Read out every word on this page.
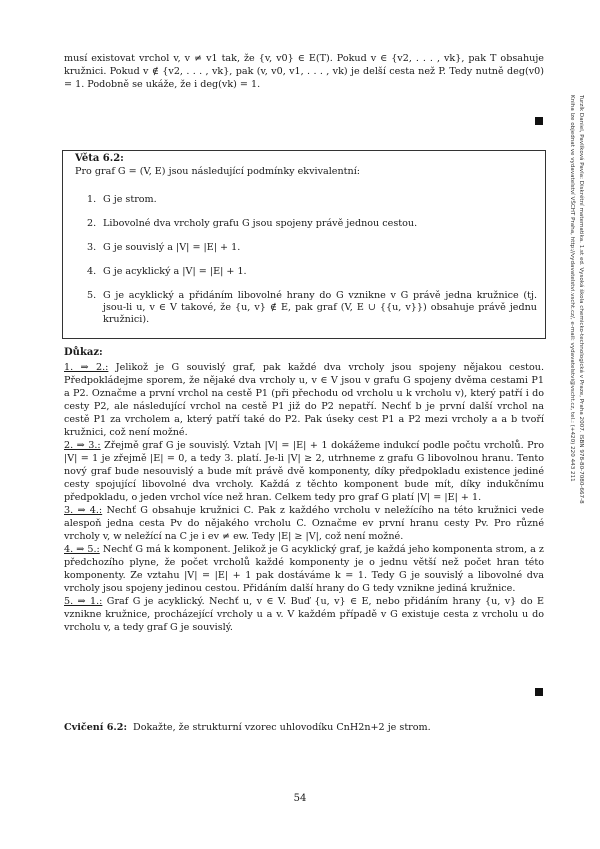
musí existovat vrchol v, v ≠ v1 tak, že {v, v0} ∈ E(T). Pokud v ∈ {v2, . . . , vk}, pak T obsahuje kružnici. Pokud v ∉ {v2, . . . , vk}, pak (v, v0, v1, . . . , vk) je delší cesta než P. Tedy nutně deg(v0) = 1. Podobně se ukáže, že i deg(vk) = 1.
Věta 6.2:
Pro graf G = (V, E) jsou následující podmínky ekvivalentní:
1. G je strom.
2. Libovolné dva vrcholy grafu G jsou spojeny právě jednou cestou.
3. G je souvislý a |V| = |E| + 1.
4. G je acyklický a |V| = |E| + 1.
5. G je acyklický a přidáním libovolné hrany do G vznikne v G právě jedna kružnice (tj. jsou-li u, v ∈ V takové, že {u, v} ∉ E, pak graf (V, E ∪ {{u, v}}) obsahuje právě jednu kružnici).
Důkaz:
1. ⇒ 2.: Jelikož je G souvislý graf, pak každé dva vrcholy jsou spojeny nějakou cestou. Předpokládejme sporem, že nějaké dva vrcholy u, v ∈ V jsou v grafu G spojeny dvěma cestami P1 a P2. Označme a první vrchol na cestě P1 (při přechodu od vrcholu u k vrcholu v), který patří i do cesty P2, ale následující vrchol na cestě P1 již do P2 nepatří. Nechť b je první další vrchol na cestě P1 za vrcholem a, který patří také do P2. Pak úseky cest P1 a P2 mezi vrcholy a a b tvoří kružnici, což není možné.
2. ⇒ 3.: Zřejmě graf G je souvislý. Vztah |V| = |E| + 1 dokážeme indukcí podle počtu vrcholů. Pro |V| = 1 je zřejmě |E| = 0, a tedy 3. platí. Je-li |V| ≥ 2, utrhneme z grafu G libovolnou hranu. Tento nový graf bude nesouvislý a bude mít právě dvě komponenty, díky předpokladu existence jediné cesty spojující libovolné dva vrcholy. Každá z těchto komponent bude mít, díky indukčnímu předpokladu, o jeden vrchol více než hran. Celkem tedy pro graf G platí |V| = |E| + 1.
3. ⇒ 4.: Nechť G obsahuje kružnici C. Pak z každého vrcholu v neležícího na této kružnici vede alespoň jedna cesta Pv do nějakého vrcholu C. Označme ev první hranu cesty Pv. Pro různé vrcholy v, w neležící na C je i ev ≠ ew. Tedy |E| ≥ |V|, což není možné.
4. ⇒ 5.: Nechť G má k komponent. Jelikož je G acyklický graf, je každá jeho komponenta strom, a z předchozího plyne, že počet vrcholů každé komponenty je o jednu větší než počet hran této komponenty. Ze vztahu |V| = |E| + 1 pak dostáváme k = 1. Tedy G je souvislý a libovolné dva vrcholy jsou spojeny jedinou cestou. Přidáním další hrany do G tedy vznikne jediná kružnice.
5. ⇒ 1.: Graf G je acyklický. Nechť u, v ∈ V. Buď {u, v} ∈ E, nebo přidáním hrany {u, v} do E vznikne kružnice, procházející vrcholy u a v. V každém případě v G existuje cesta z vrcholu u do vrcholu v, a tedy graf G je souvislý.
Cvičení 6.2: Dokažte, že strukturní vzorec uhlovodíku CnH2n+2 je strom.
54
Turzík Daniel, Pavlíková Pavla: Diskrétní matematika. 1.st ed. Vysoká škola chemicko-technologická v Praze, Praha 2007. ISBN 978-80-7080-667-8
Kniha lze objednat ve vydavatelství VŠCHT Praha, http://vydavatelstvi.vscht.cz/, e-mail: vydavatelstvi@vscht.cz, tel.: (+420) 220 443 211
